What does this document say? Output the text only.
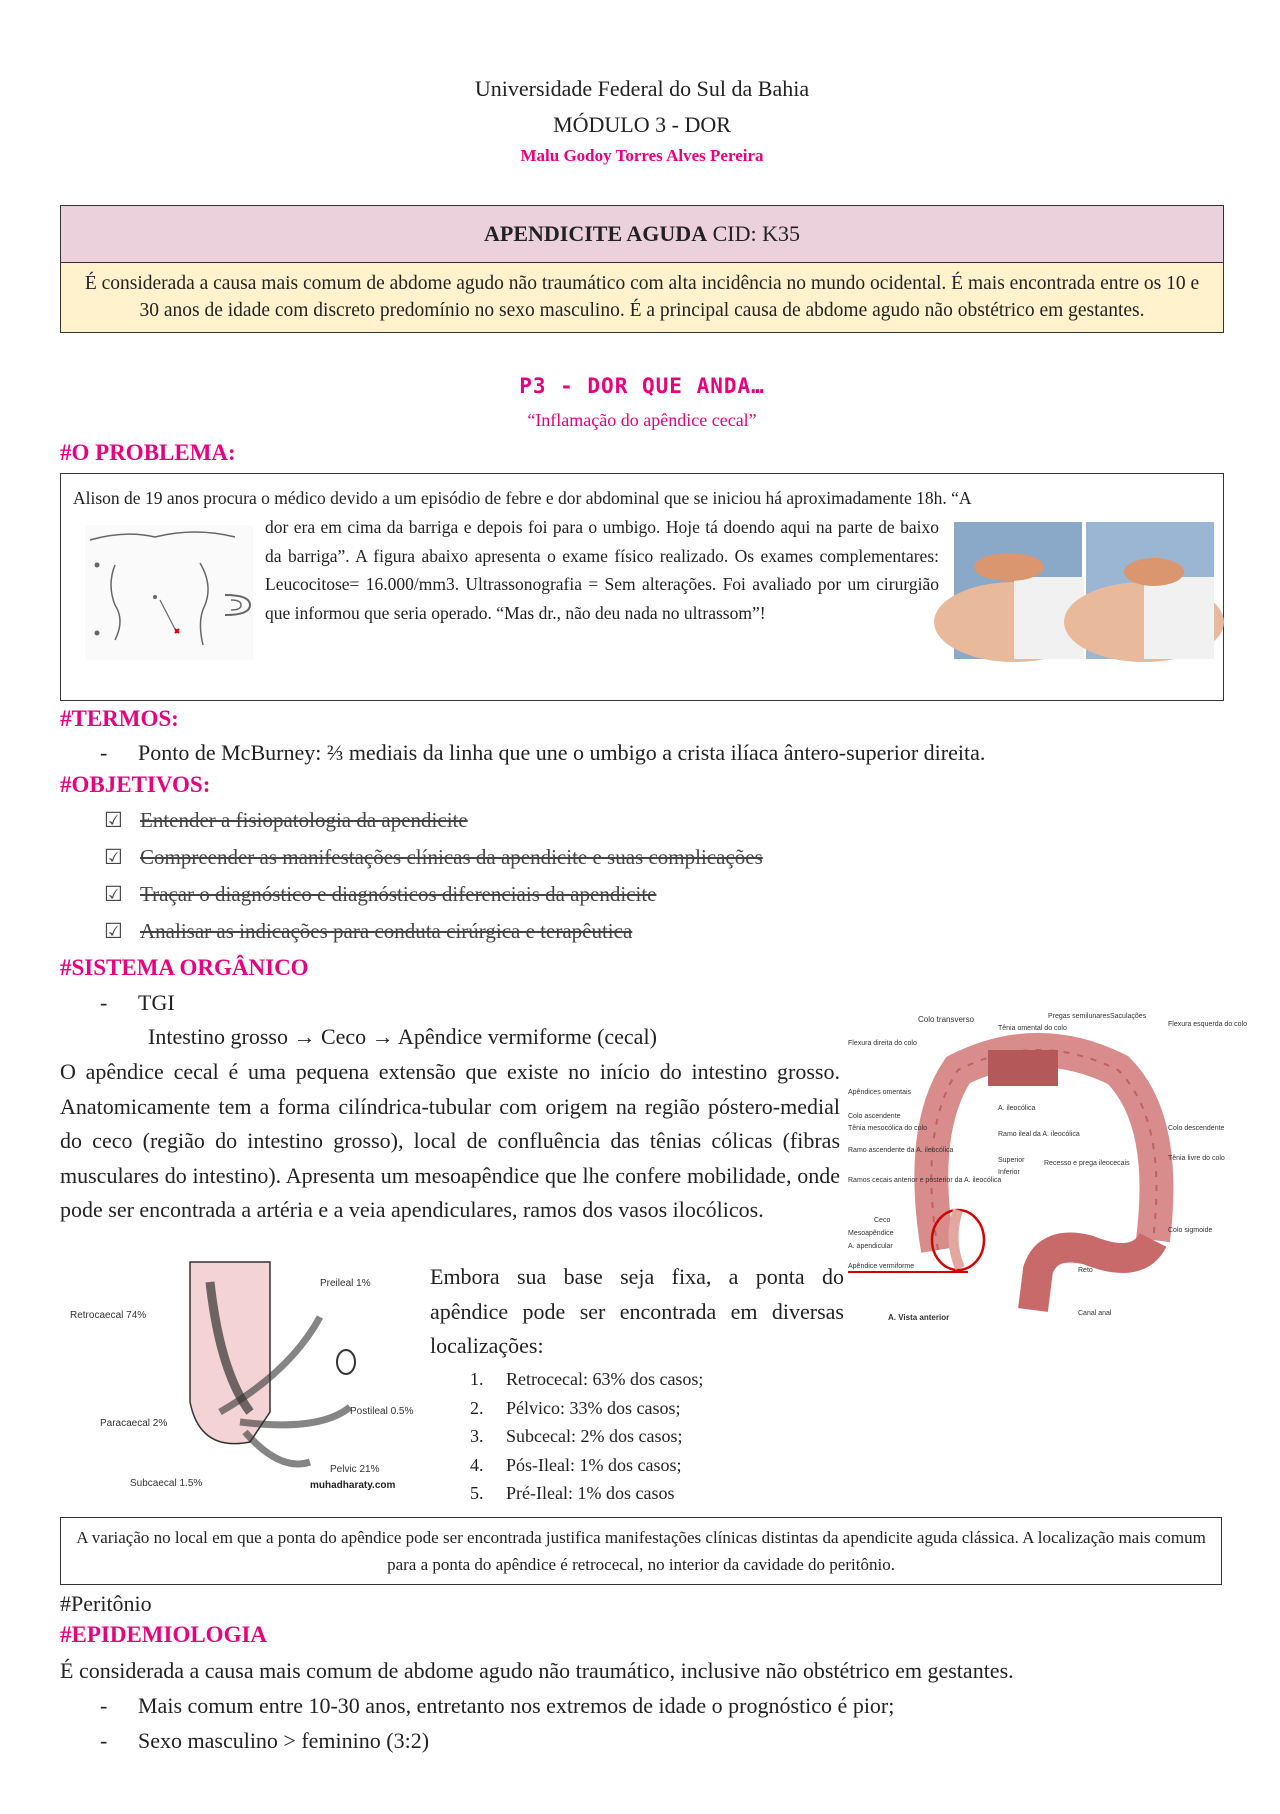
Universidade Federal do Sul da Bahia
MÓDULO 3 - DOR
Malu Godoy Torres Alves Pereira
APENDICITE AGUDA CID: K35
É considerada a causa mais comum de abdome agudo não traumático com alta incidência no mundo ocidental. É mais encontrada entre os 10 e 30 anos de idade com discreto predomínio no sexo masculino. É a principal causa de abdome agudo não obstétrico em gestantes.
P3 - DOR QUE ANDA…
“Inflamação do apêndice cecal”
#O PROBLEMA:
Alison de 19 anos procura o médico devido a um episódio de febre e dor abdominal que se iniciou há aproximadamente 18h. “A
dor era em cima da barriga e depois foi para o umbigo. Hoje tá doendo aqui na parte de baixo da barriga”. A figura abaixo apresenta o exame físico realizado. Os exames complementares: Leucocitose= 16.000/mm3. Ultrassonografia = Sem alterações. Foi avaliado por um cirurgião que informou que seria operado. “Mas dr., não deu nada no ultrassom”!
#TERMOS:
- Ponto de McBurney: ⅔ mediais da linha que une o umbigo a crista ilíaca ântero-superior direita.
#OBJETIVOS:
☑ Entender a fisiopatologia da apendicite
☑ Compreender as manifestações clínicas da apendicite e suas complicações
☑ Traçar o diagnóstico e diagnósticos diferenciais da apendicite
☑ Analisar as indicações para conduta cirúrgica e terapêutica
#SISTEMA ORGÂNICO
- TGI
Intestino grosso → Ceco → Apêndice vermiforme (cecal)
O apêndice cecal é uma pequena extensão que existe no início do intestino grosso. Anatomicamente tem a forma cilíndrica-tubular com origem na região póstero-medial do ceco (região do intestino grosso), local de confluência das tênias cólicas (fibras musculares do intestino). Apresenta um mesoapêndice que lhe confere mobilidade, onde pode ser encontrada a artéria e a veia apendiculares, ramos dos vasos ilocólicos.
Colo transverso
Tênia omental do colo
Pregas semilunares Saculações
Flexura esquerda do colo
Flexura direita do colo
Apêndices omentais
Colo ascendente
Tênia mesocólica do colo
A. ileocólica
Ramo ascendente da A. ileocólica
Ramo ileal da A. ileocólica
Superior
Inferior
Recesso e prega ileocecais
Colo descendente
Tênia livre do colo
Ramos cecais anterior e posterior da A. ileocólica
Ceco
Mesoapêndice
A. apendicular
Apêndice vermiforme
Colo sigmoide
Reto
A. Vista anterior	Canal anal
Embora sua base seja fixa, a ponta do apêndice pode ser encontrada em diversas localizações:
1. Retrocecal: 63% dos casos;
2. Pélvico: 33% dos casos;
3. Subcecal: 2% dos casos;
4. Pós-Ileal: 1% dos casos;
5. Pré-Ileal: 1% dos casos
Preileal 1%
Retrocaecal 74%
Postileal 0.5%
Paracaecal 2%
Pelvic 21%
Subcaecal 1.5%	muhadharaty.com
A variação no local em que a ponta do apêndice pode ser encontrada justifica manifestações clínicas distintas da apendicite aguda clássica. A localização mais comum para a ponta do apêndice é retrocecal, no interior da cavidade do peritônio.
#Peritônio
#EPIDEMIOLOGIA
É considerada a causa mais comum de abdome agudo não traumático, inclusive não obstétrico em gestantes.
- Mais comum entre 10-30 anos, entretanto nos extremos de idade o prognóstico é pior;
- Sexo masculino > feminino (3:2)
